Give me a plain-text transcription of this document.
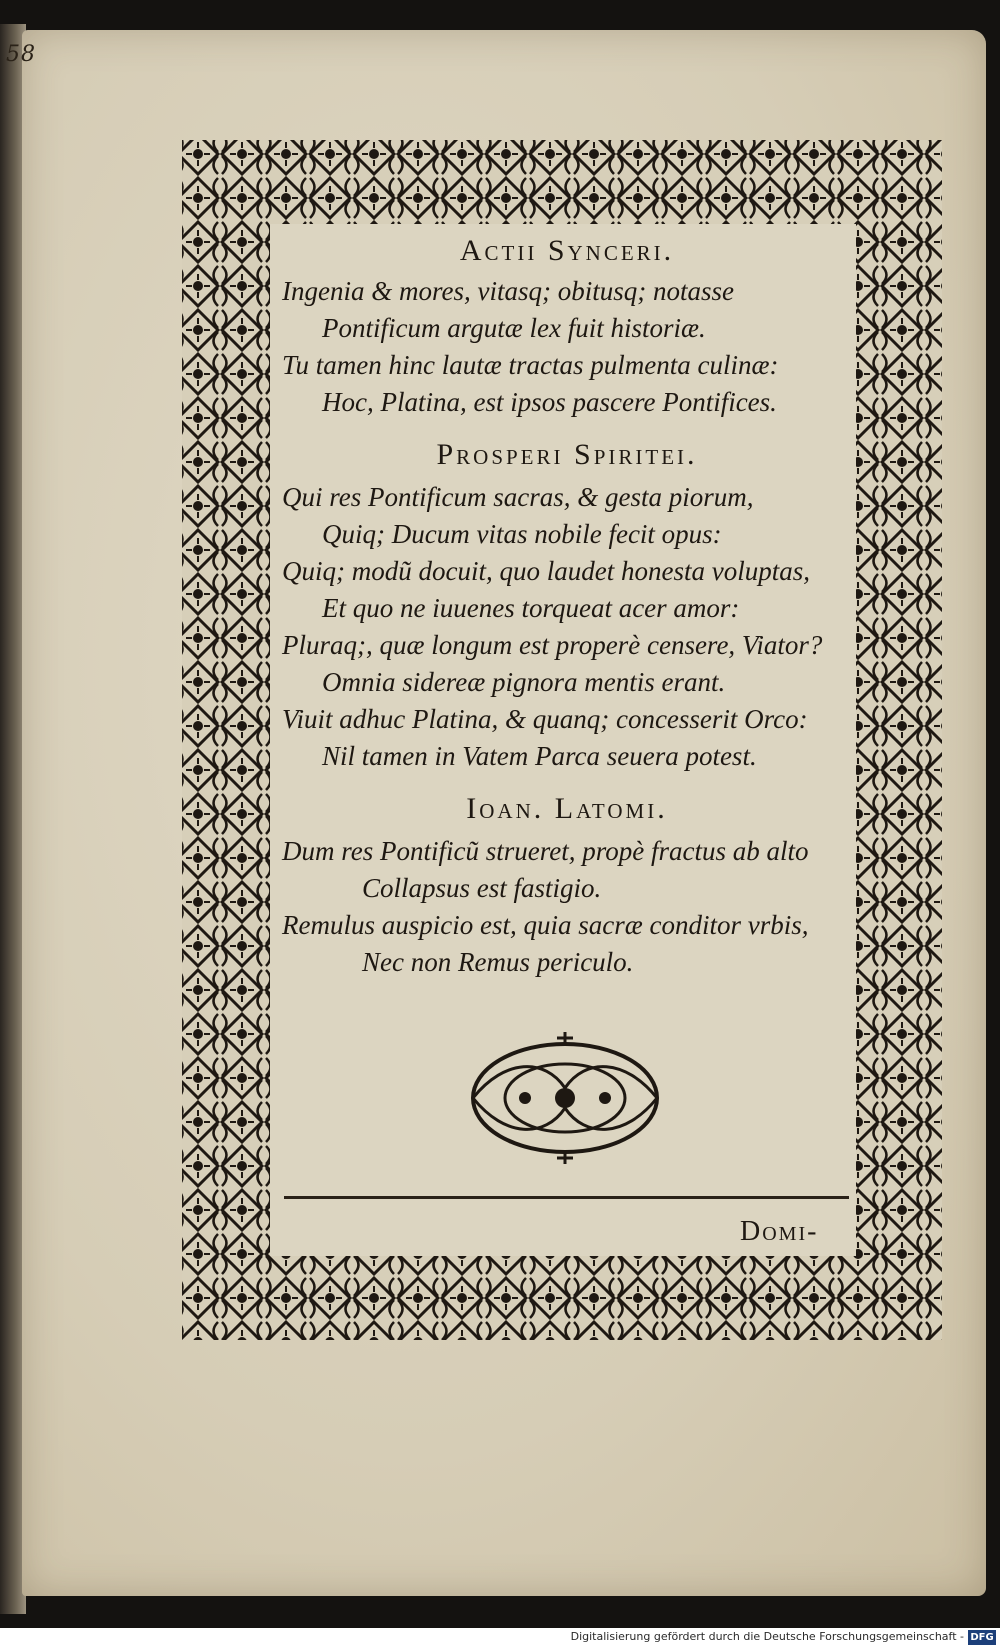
58

Actii Synceri.

Ingenia & mores, vitasq; obitusq; notasse

Pontificum argutæ lex fuit historiæ.

Tu tamen hinc lautæ tractas pulmenta culinæ:

Hoc, Platina, est ipsos pascere Pontifices.

Prosperi Spiritei.

Qui res Pontificum sacras, & gesta piorum,

Quiq; Ducum vitas nobile fecit opus:

Quiq; modũ docuit, quo laudet honesta voluptas,

Et quo ne iuuenes torqueat acer amor:

Pluraq;, quæ longum est properè censere, Viator?

Omnia sidereæ pignora mentis erant.

Viuit adhuc Platina, & quanq; concesserit Orco:

Nil tamen in Vatem Parca seuera potest.

Ioan. Latomi.

Dum res Pontificũ strueret, propè fractus ab alto

Collapsus est fastigio.

Remulus auspicio est, quia sacræ conditor vrbis,

Nec non Remus periculo.

Domi-
Digitalisierung gefördert durch die Deutsche Forschungsgemeinschaft - DFG
